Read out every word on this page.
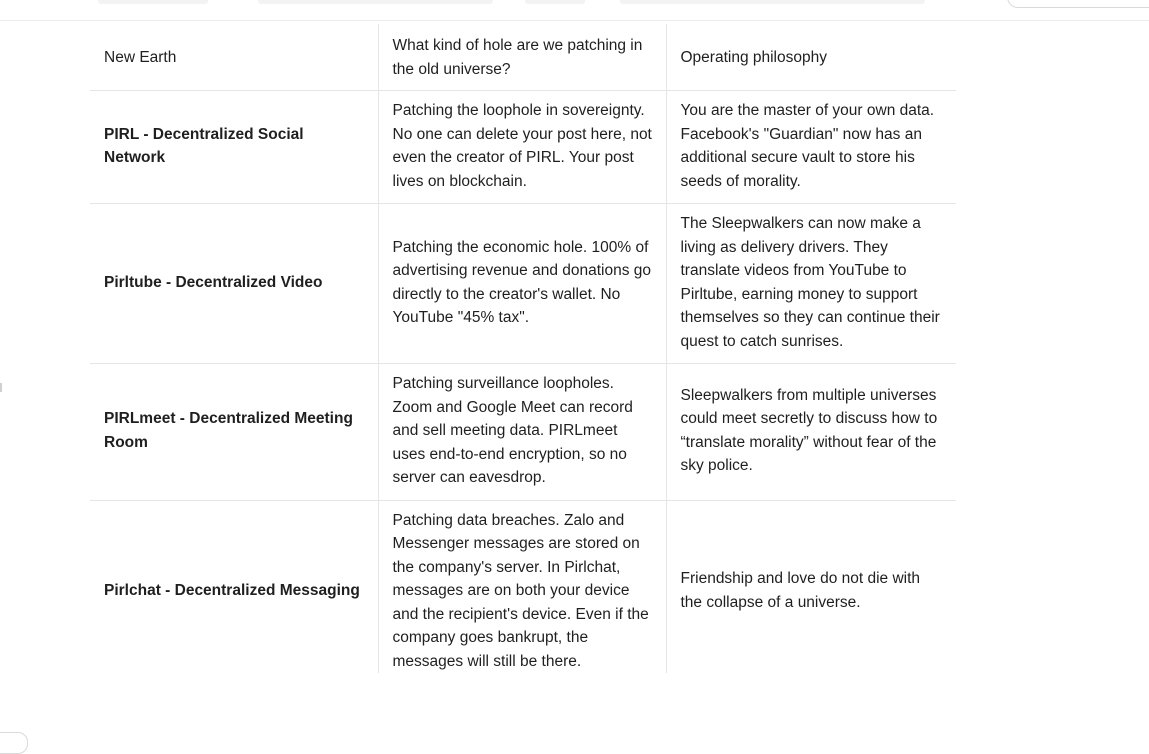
New Earth	What kind of hole are we patching in the old universe?	Operating philosophy
PIRL - Decentralized Social Network	Patching the loophole in sovereignty. No one can delete your post here, not even the creator of PIRL. Your post lives on blockchain.	You are the master of your own data. Facebook's "Guardian" now has an additional secure vault to store his seeds of morality.
Pirltube - Decentralized Video	Patching the economic hole. 100% of advertising revenue and donations go directly to the creator's wallet. No YouTube "45% tax".	The Sleepwalkers can now make a living as delivery drivers. They translate videos from YouTube to Pirltube, earning money to support themselves so they can continue their quest to catch sunrises.
PIRLmeet - Decentralized Meeting Room	Patching surveillance loopholes. Zoom and Google Meet can record and sell meeting data. PIRLmeet uses end-to-end encryption, so no server can eavesdrop.	Sleepwalkers from multiple universes could meet secretly to discuss how to “translate morality” without fear of the sky police.
Pirlchat - Decentralized Messaging	Patching data breaches. Zalo and Messenger messages are stored on the company's server. In Pirlchat, messages are on both your device and the recipient's device. Even if the company goes bankrupt, the messages will still be there.	Friendship and love do not die with the collapse of a universe.
